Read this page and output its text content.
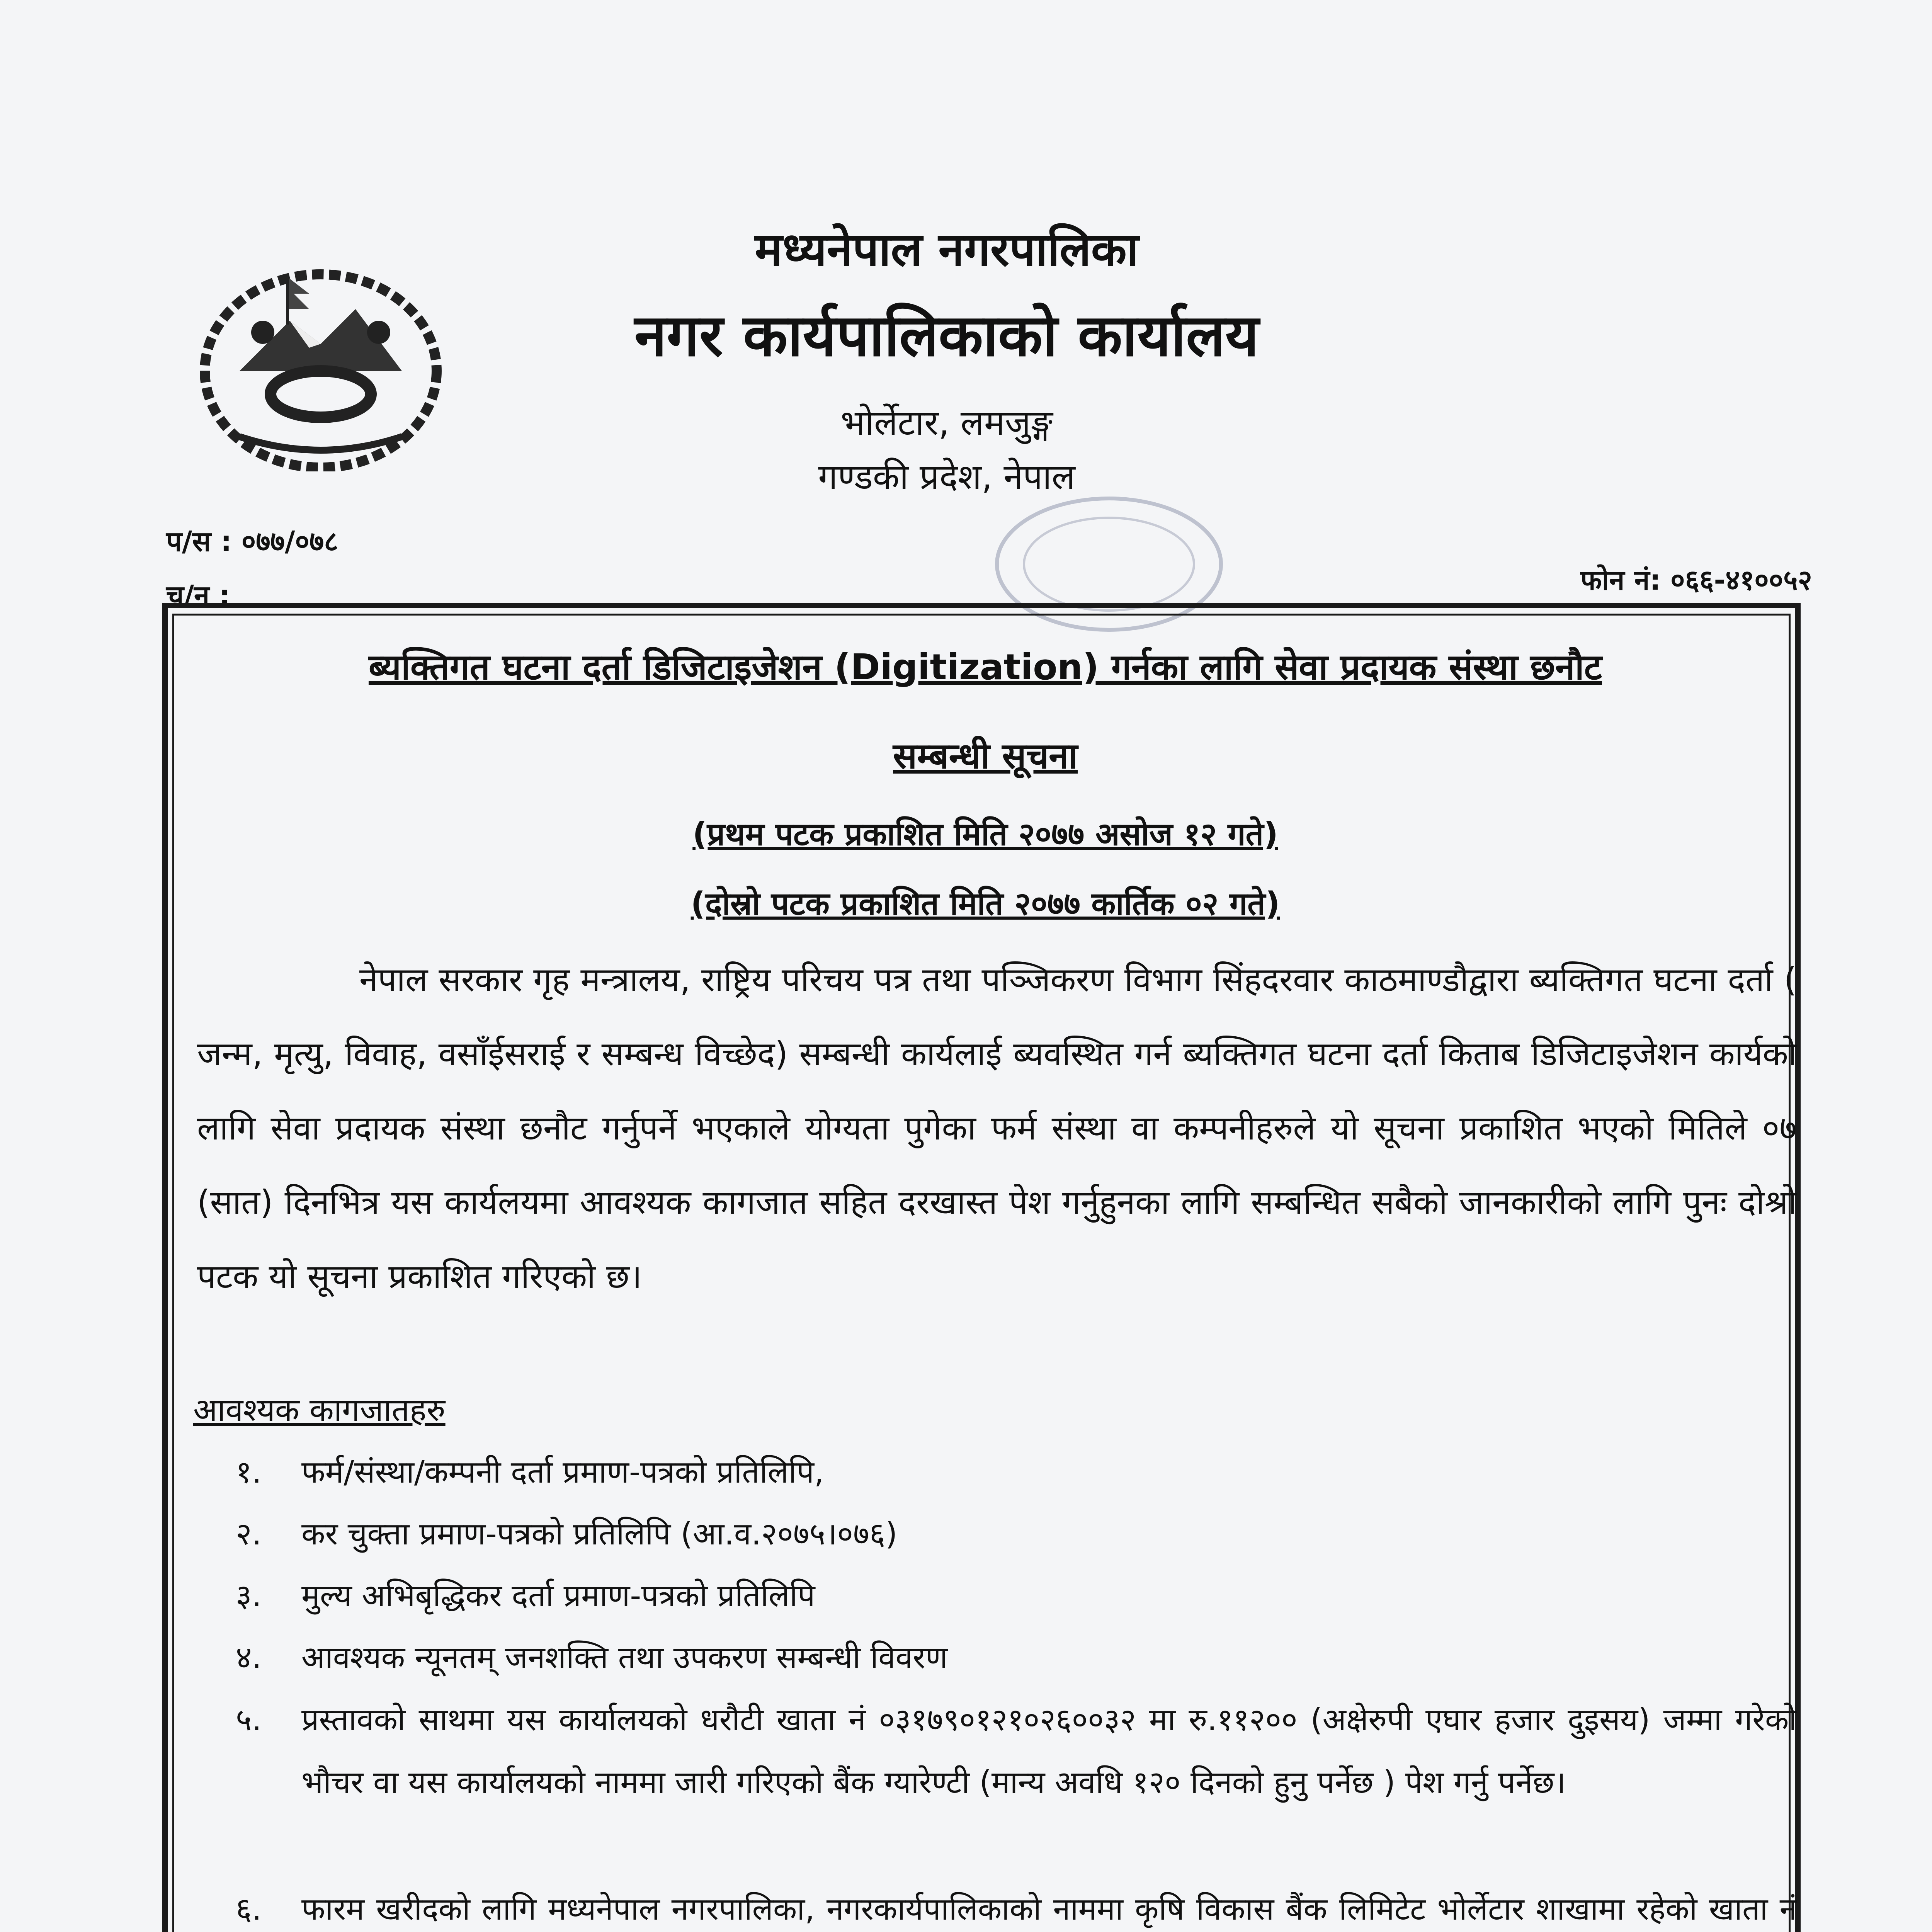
मध्यनेपाल नगरपालिका
नगर कार्यपालिकाको कार्यालय
भोर्लेटार, लमजुङ्ग
गण्डकी प्रदेश, नेपाल
प/स : ०७७/०७८
च/न :	फोन नं: ०६६-४१००५२
ब्यक्तिगत घटना दर्ता डिजिटाइजेशन (Digitization) गर्नका लागि सेवा प्रदायक संस्था छनौट
सम्बन्धी सूचना
(प्रथम पटक प्रकाशित मिति २०७७ असोज १२ गते)
(दोस्रो पटक प्रकाशित मिति २०७७ कार्तिक ०२ गते)
नेपाल सरकार गृह मन्त्रालय, राष्ट्रिय परिचय पत्र तथा पञ्जिकरण विभाग सिंहदरवार काठमाण्डौद्वारा ब्यक्तिगत घटना दर्ता ( जन्म, मृत्यु, विवाह, वसाँईसराई र सम्बन्ध विच्छेद) सम्बन्धी कार्यलाई ब्यवस्थित गर्न ब्यक्तिगत घटना दर्ता किताब डिजिटाइजेशन कार्यको लागि सेवा प्रदायक संस्था छनौट गर्नुपर्ने भएकाले योग्यता पुगेका फर्म संस्था वा कम्पनीहरुले यो सूचना प्रकाशित भएको मितिले ०७ (सात) दिनभित्र यस कार्यलयमा आवश्यक कागजात सहित दरखास्त पेश गर्नुहुनका लागि सम्बन्धित सबैको जानकारीको लागि पुनः दोश्रो पटक यो सूचना प्रकाशित गरिएको छ।
आवश्यक कागजातहरु
१. फर्म/संस्था/कम्पनी दर्ता प्रमाण-पत्रको प्रतिलिपि,
२. कर चुक्ता प्रमाण-पत्रको प्रतिलिपि (आ.व.२०७५।०७६)
३. मुल्य अभिबृद्धिकर दर्ता प्रमाण-पत्रको प्रतिलिपि
४. आवश्यक न्यूनतम् जनशक्ति तथा उपकरण सम्बन्धी विवरण
५.	प्रस्तावको साथमा यस कार्यालयको धरौटी खाता नं ०३१७९०१२१०२६००३२ मा रु.११२०० (अक्षेरुपी एघार हजार दुइसय) जम्मा गरेको भौचर वा यस कार्यालयको नाममा जारी गरिएको बैंक ग्यारेण्टी (मान्य अवधि १२० दिनको हुनु पर्नेछ ) पेश गर्नु पर्नेछ।
६.	फारम खरीदको लागि मध्यनेपाल नगरपालिका, नगरकार्यपालिकाको नाममा कृषि विकास बैंक लिमिटेट भोर्लेटार शाखामा रहेको खाता नं
